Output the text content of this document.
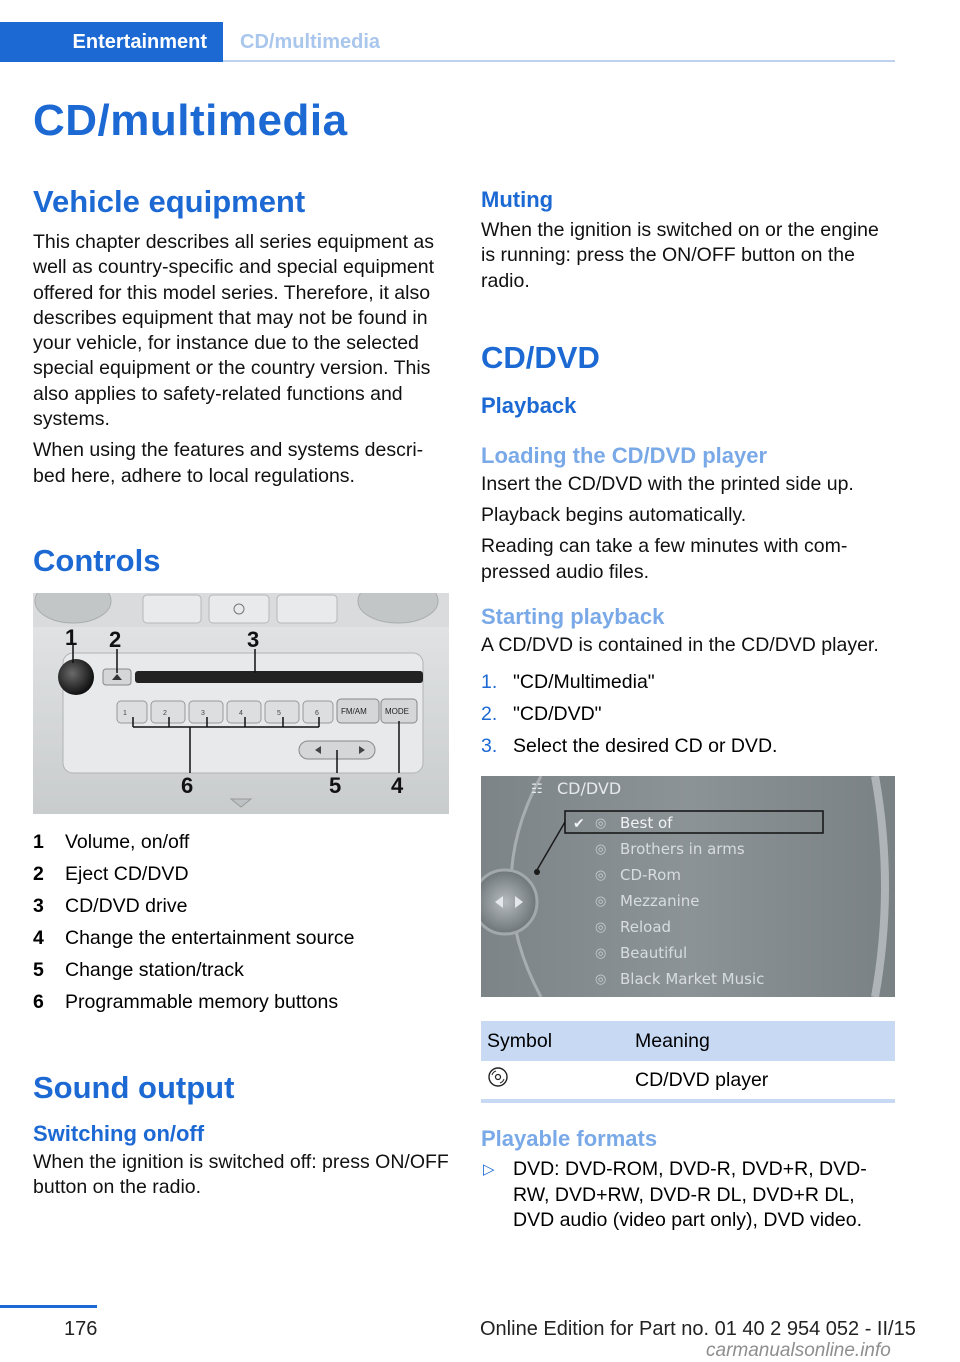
Entertainment	CD/multimedia
CD/multimedia
Vehicle equipment

This chapter describes all series equipment as well as country-specific and special equipment offered for this model series. Therefore, it also describes equipment that may not be found in your vehicle, for instance due to the selected special equipment or the country version. This also applies to safety-related functions and systems.

When using the features and systems descri-bed here, adhere to local regulations.

Controls
1	2	3	4	5	6	FM/AM MODE
1 2	3
6	5 4
1 Volume, on/off
2 Eject CD/DVD
3 CD/DVD drive
4 Change the entertainment source
5 Change station/track
6 Programmable memory buttons
Sound output
Switching on/off

When the ignition is switched off: press ON/OFF button on the radio.

Muting

When the ignition is switched on or the engine is running: press the ON/OFF button on the radio.

CD/DVD
Playback
Loading the CD/DVD player

Insert the CD/DVD with the printed side up.

Playback begins automatically.

Reading can take a few minutes with com-pressed audio files.

Starting playback

A CD/DVD is contained in the CD/DVD player.

1. "CD/Multimedia"
2. "CD/DVD"
3. Select the desired CD or DVD.
☷ CD/DVD
✔ ◎
◎
◎
◎
◎
◎
◎
Best of
Brothers in arms
CD-Rom
Mezzanine
Reload
Beautiful
Black Market Music
Symbol	Meaning
	CD/DVD player
Playable formats
▷ DVD: DVD-ROM, DVD-R, DVD+R, DVD-RW, DVD+RW, DVD-R DL, DVD+R DL, DVD audio (video part only), DVD video.
176	Online Edition for Part no. 01 40 2 954 052 - II/15
carmanualsonline.info
